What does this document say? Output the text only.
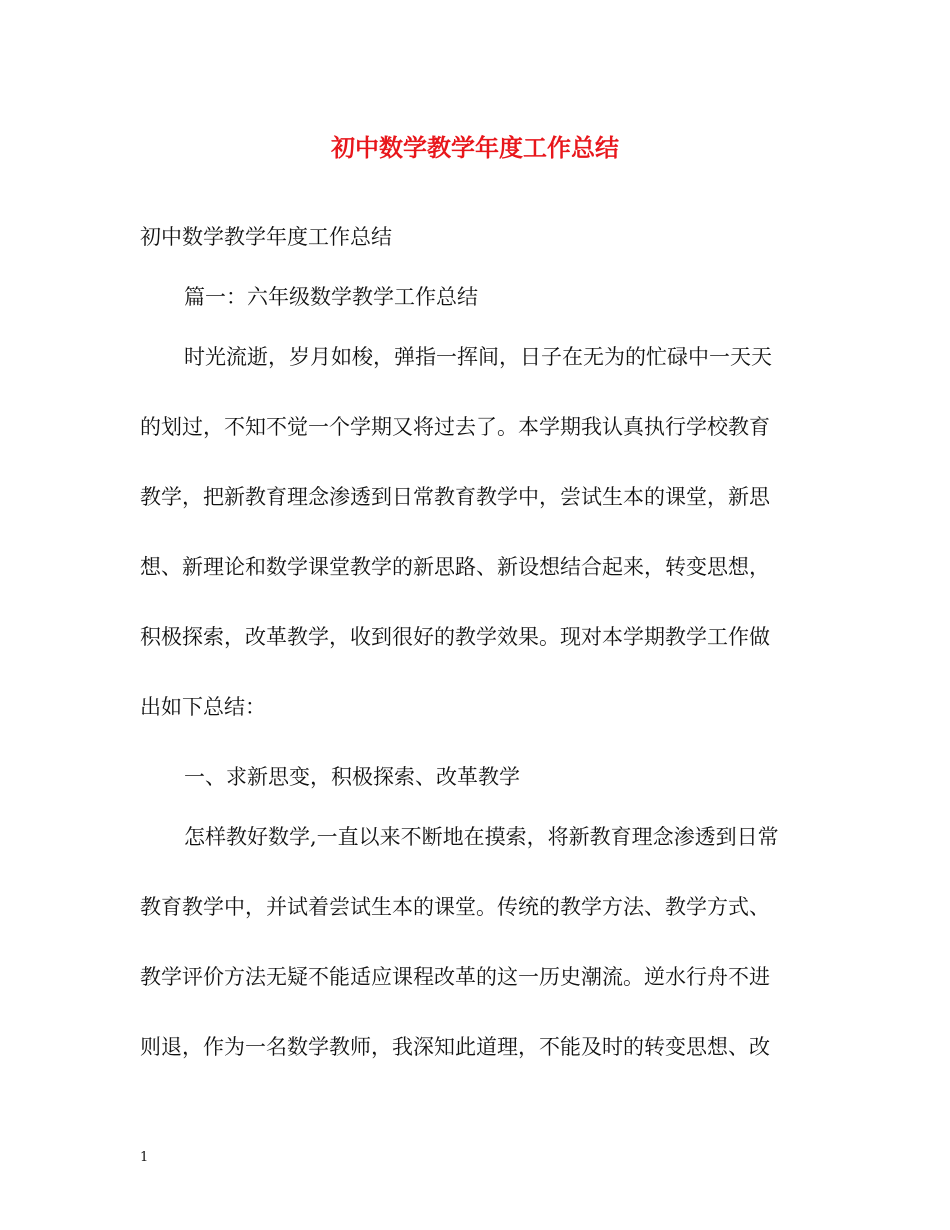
初中数学教学年度工作总结
初中数学教学年度工作总结
篇一：六年级数学教学工作总结
时光流逝，岁月如梭，弹指一挥间，日子在无为的忙碌中一天天
的划过，不知不觉一个学期又将过去了。本学期我认真执行学校教育
教学，把新教育理念渗透到日常教育教学中，尝试生本的课堂，新思
想、新理论和数学课堂教学的新思路、新设想结合起来，转变思想，
积极探索，改革教学，收到很好的教学效果。现对本学期教学工作做
出如下总结：
一、求新思变，积极探索、改革教学
怎样教好数学,一直以来不断地在摸索，将新教育理念渗透到日常
教育教学中，并试着尝试生本的课堂。传统的教学方法、教学方式、
教学评价方法无疑不能适应课程改革的这一历史潮流。逆水行舟不进
则退，作为一名数学教师，我深知此道理，不能及时的转变思想、改
1
